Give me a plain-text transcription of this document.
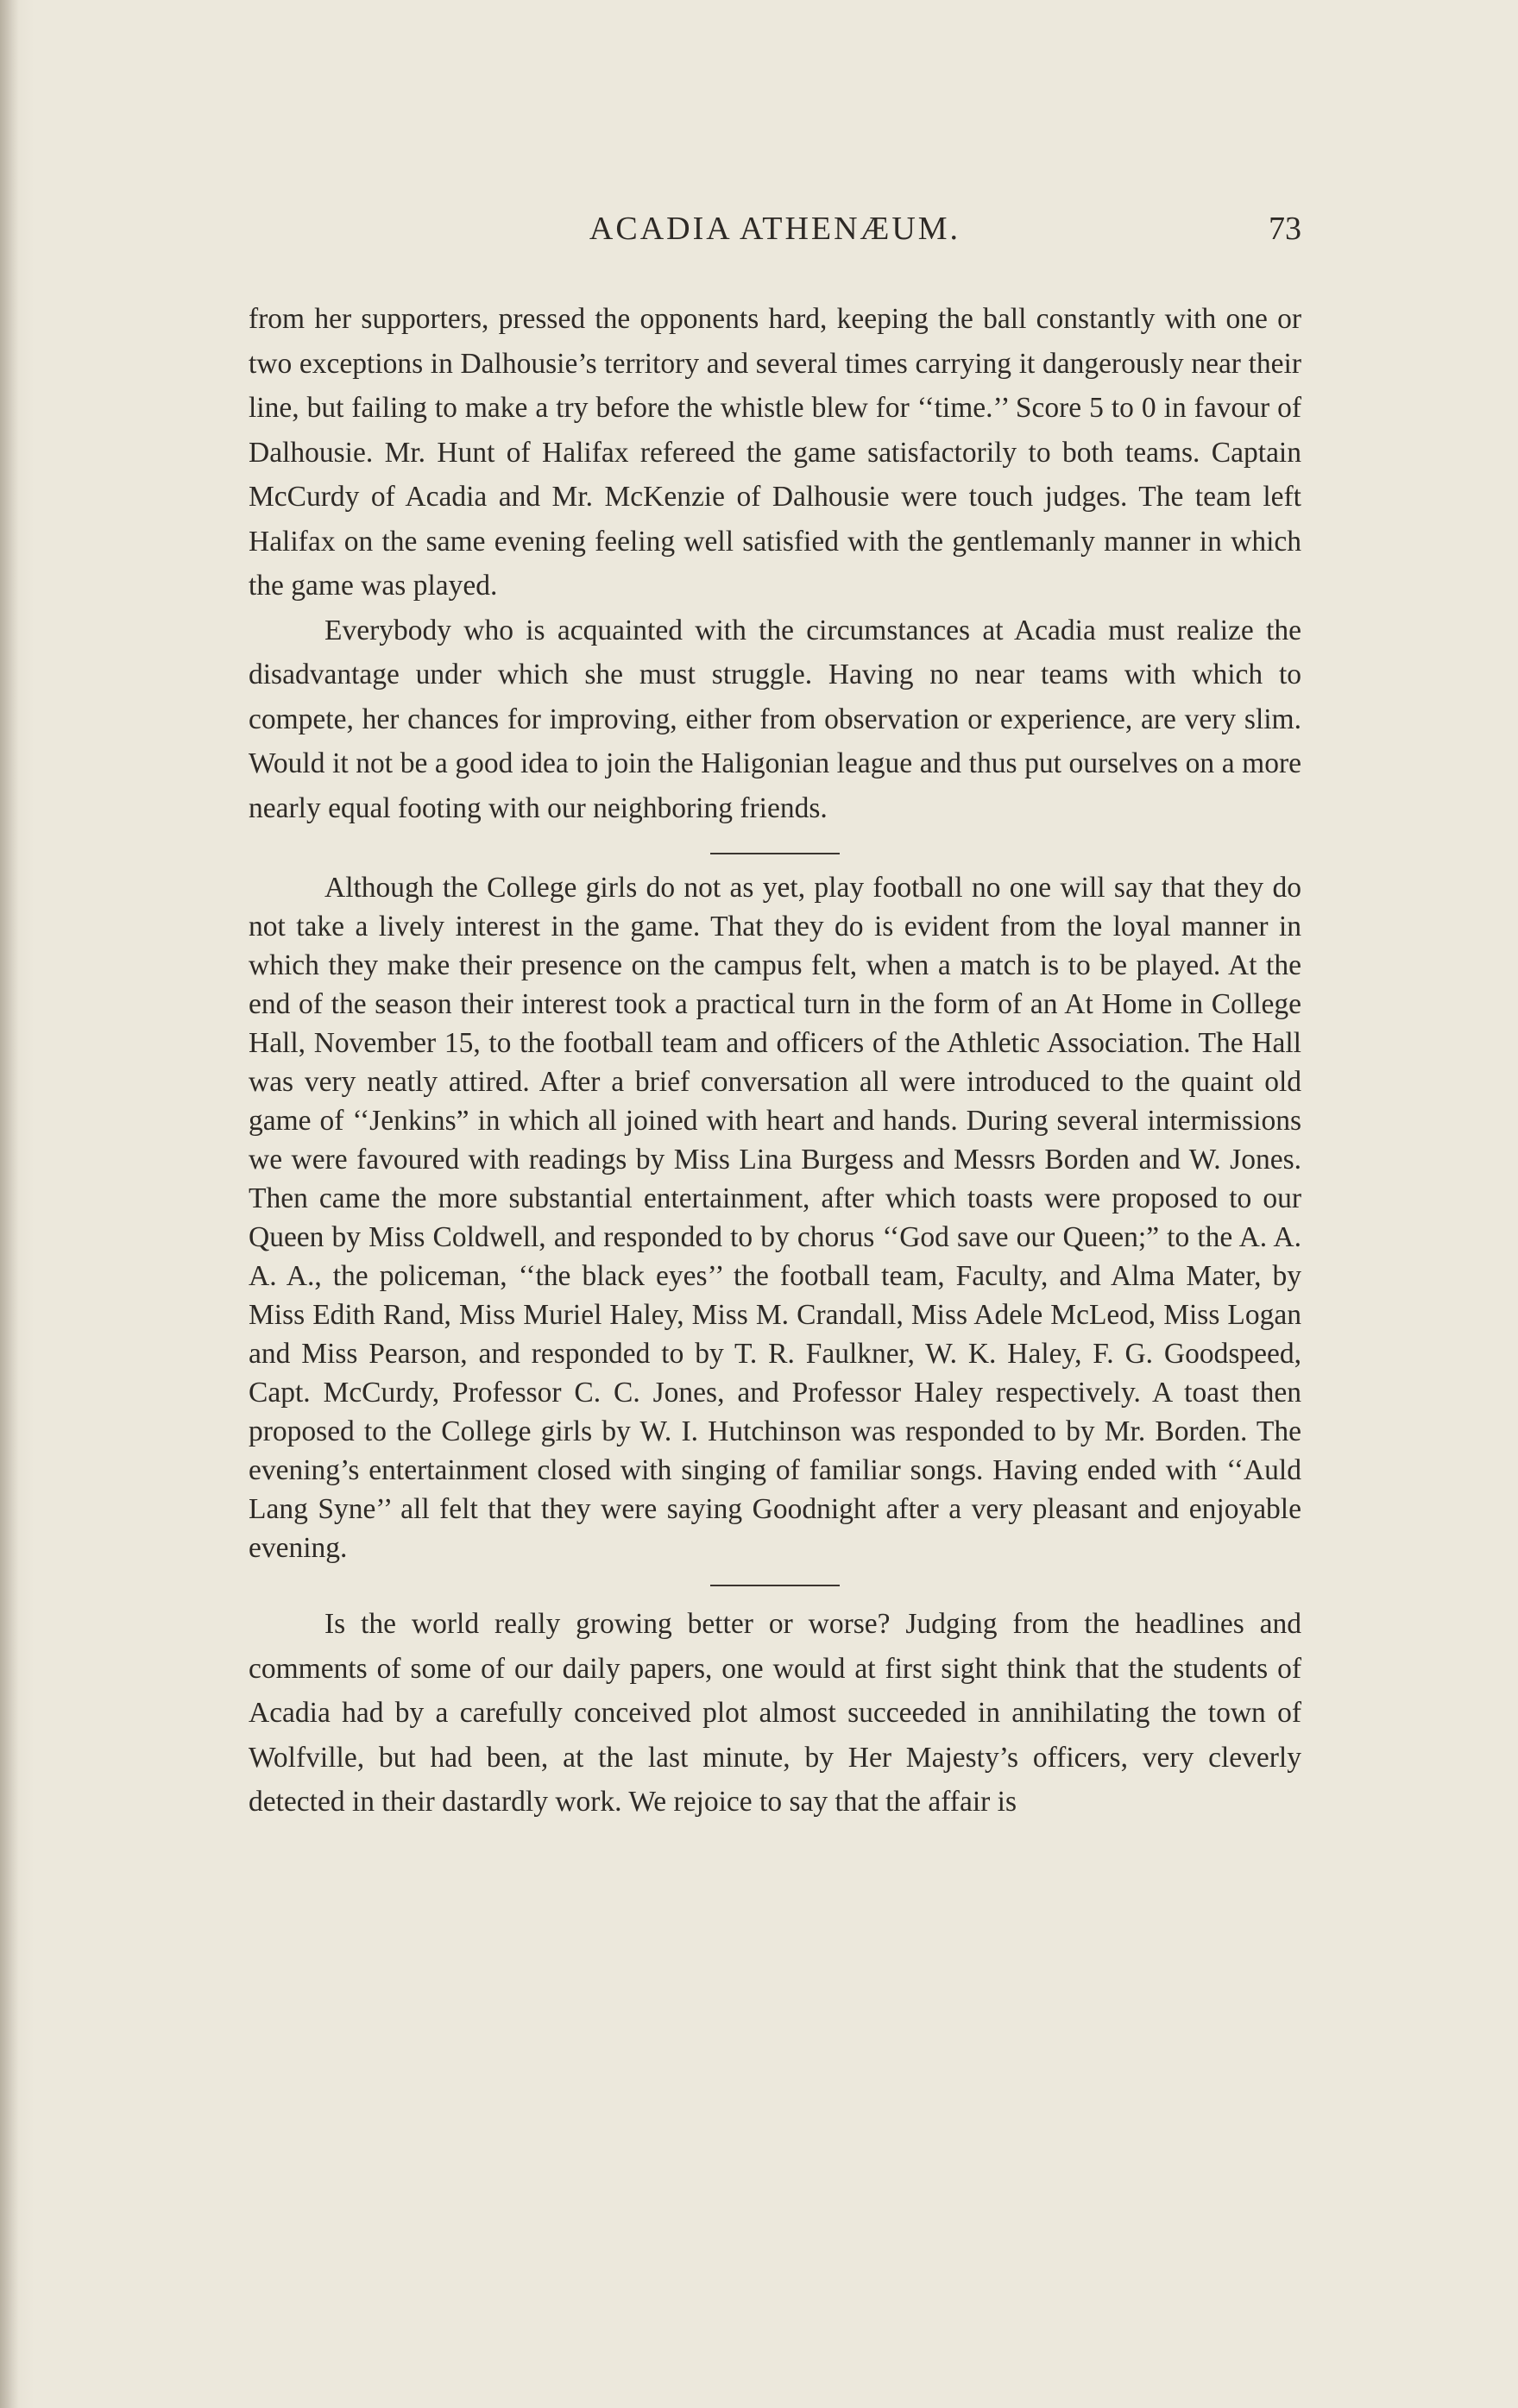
ACADIA ATHENÆUM.	73

from her supporters, pressed the opponents hard, keeping the ball constantly with one or two exceptions in Dalhousie’s territory and several times carrying it dangerously near their line, but failing to make a try before the whistle blew for ‘‘time.’’ Score 5 to 0 in favour of Dalhousie. Mr. Hunt of Halifax refereed the game satisfactorily to both teams. Captain McCurdy of Acadia and Mr. McKenzie of Dalhousie were touch judges. The team left Halifax on the same evening feeling well satisfied with the gentlemanly manner in which the game was played.

Everybody who is acquainted with the circumstances at Acadia must realize the disadvantage under which she must struggle. Having no near teams with which to compete, her chances for improving, either from observation or experience, are very slim. Would it not be a good idea to join the Haligonian league and thus put ourselves on a more nearly equal footing with our neighboring friends.

Although the College girls do not as yet, play football no one will say that they do not take a lively interest in the game. That they do is evident from the loyal manner in which they make their presence on the campus felt, when a match is to be played. At the end of the season their interest took a practical turn in the form of an At Home in College Hall, November 15, to the football team and officers of the Athletic Association. The Hall was very neatly attired. After a brief conversation all were introduced to the quaint old game of ‘‘Jenkins” in which all joined with heart and hands. During several intermissions we were favoured with readings by Miss Lina Burgess and Messrs Borden and W. Jones. Then came the more substantial entertainment, after which toasts were proposed to our Queen by Miss Coldwell, and responded to by chorus ‘‘God save our Queen;” to the A. A. A. A., the policeman, ‘‘the black eyes’’ the football team, Faculty, and Alma Mater, by Miss Edith Rand, Miss Muriel Haley, Miss M. Crandall, Miss Adele McLeod, Miss Logan and Miss Pearson, and responded to by T. R. Faulkner, W. K. Haley, F. G. Goodspeed, Capt. McCurdy, Professor C. C. Jones, and Professor Haley respectively. A toast then proposed to the College girls by W. I. Hutchinson was responded to by Mr. Borden. The evening’s entertainment closed with singing of familiar songs. Having ended with ‘‘Auld Lang Syne’’ all felt that they were saying Goodnight after a very pleasant and enjoyable evening.

Is the world really growing better or worse? Judging from the headlines and comments of some of our daily papers, one would at first sight think that the students of Acadia had by a carefully conceived plot almost succeeded in annihilating the town of Wolfville, but had been, at the last minute, by Her Majesty’s officers, very cleverly detected in their dastardly work. We rejoice to say that the affair is
